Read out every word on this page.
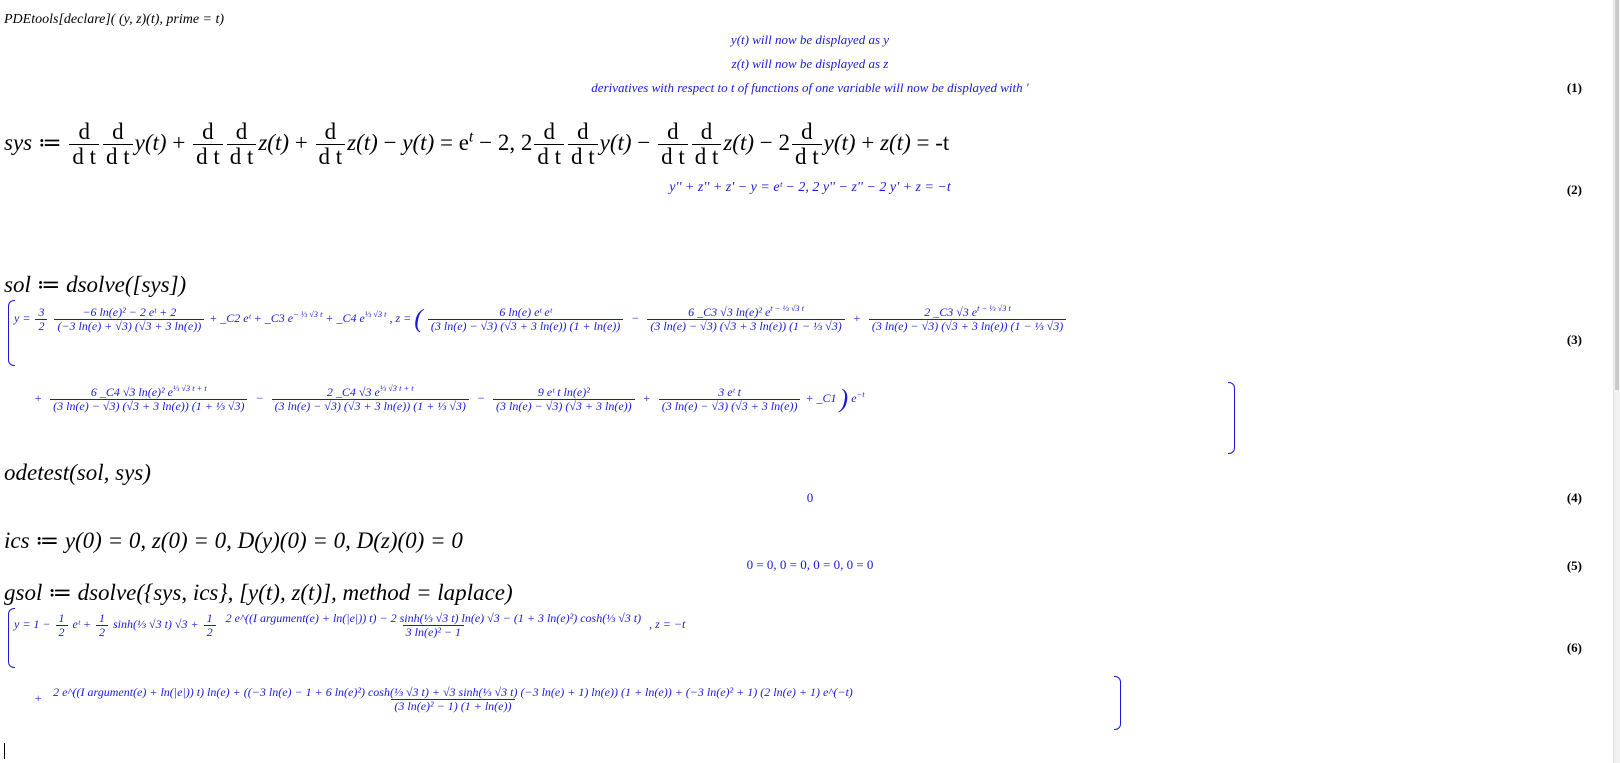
PDEtools[declare]( (y, z)(t), prime = t)
y(t) will now be displayed as y
z(t) will now be displayed as z
derivatives with respect to t of functions of one variable will now be displayed with '	(1)
sys ≔ $\frac{d}{\text{d t}} \frac{d}{\text{d t}} y(t) + \frac{d}{\text{d t}} \frac{d}{\text{d t}} z(t) + \frac{d}{\text{d t}} z(t) - y(t) = e^t - 2$, $2 \frac{d}{\text{d t}} \frac{d}{\text{d t}} y(t) - \frac{d}{\text{d t}} \frac{d}{\text{d t}} z(t) - 2 \frac{d}{\text{d t}} y(t) + z(t) = -t$
y'' + z'' + z' − y = eᵗ − 2, 2 y'' − z'' − 2 y' + z = −t	(2)
sol ≔ dsolve([sys])
$y = \frac{3}{2}$
$\frac{\text{−6 ln(e)² − 2 eᵗ + 2}}{(-3 \ln(e) + √3) (√3 + 3 \ln(e))}$ + _C2 eᵗ + _C3 $e^{- \frac{1}{3} √3 t}$ + _C4 $e^{\frac{1}{3} √3 t}$ , z = ( $\frac{\text{6 ln(e) eᵗ eᵗ}}{(3 \ln(e) - √3) (√3 + 3 \ln(e)) (1 + \ln(e))} - \frac{6 \_C3 √3 \ln(e)^2 e^{t - \frac{1}{3} √3 t}}{\text{(3 ln(e) − √3) (√3 + 3 ln(e)) (1 − ⅓ √3)}} + \frac{2 \_C3 √3 e^{t - \frac{1}{3} √3 t}}{\text{(3 ln(e) − √3) (√3 + 3 ln(e)) (1 − ⅓ √3)}}$
(3)
+ $\frac{6 \_C4 √3 \ln(e)^2 e^{\frac{1}{3} √3 t + t}}{\text{(3 ln(e) − √3) (√3 + 3 ln(e)) (1 + ⅓ √3)}} - \frac{2 \_C4 √3 e^{\frac{1}{3} √3 t + t}}{\text{(3 ln(e) − √3) (√3 + 3 ln(e)) (1 + ⅓ √3)}} - \frac{\text{9 eᵗ t ln(e)²}}{(3 \ln(e) - √3) (√3 + 3 \ln(e))} + \frac{\text{3 eᵗ t}}{(3 \ln(e) - √3) (√3 + 3 \ln(e))}$ + _C1 ) $e^{-t}$
odetest(sol, sys)
0	(4)
ics ≔ y(0) = 0, z(0) = 0, D(y)(0) = 0, D(z)(0) = 0
0 = 0, 0 = 0, 0 = 0, 0 = 0	(5)
gsol ≔ dsolve({sys, ics}, [y(t), z(t)], method = laplace)
$y = 1 - \frac{1}{2}$ eᵗ + $\frac{1}{2}$ sinh(⅓ √3 t) $√3 + \frac{1}{2}$
2 e^((I argument(e) + ln(|e|)) t) − 2 sinh(⅓ √3 t) ln(e) √3 − (1 + 3 ln(e)²) cosh(⅓ √3 t)
3 ln(e)² − 1
, z = −t
(6)
+ 2 e^((I argument(e) + ln(|e|)) t) ln(e) + ((−3 ln(e) − 1 + 6 ln(e)²) cosh(⅓ √3 t) + √3 sinh(⅓ √3 t) (−3 ln(e) + 1) ln(e)) (1 + ln(e)) + (−3 ln(e)² + 1) (2 ln(e) + 1) e^(−t)
(3 ln(e)² − 1) (1 + ln(e))
